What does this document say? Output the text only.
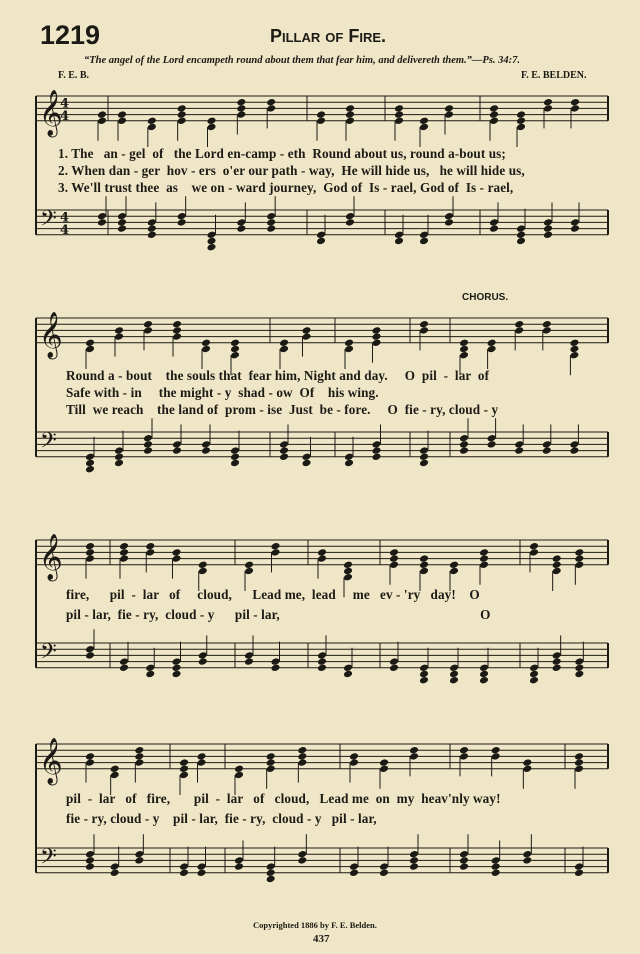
1219	Pillar of Fire.
“The angel of the Lord encampeth round about them that fear him, and delivereth them.”—Ps. 34:7.
F. E. B.	F. E. BELDEN.
CHORUS.
𝄞
𝄢
4
4
4
4
𝄞
𝄢
𝄞
𝄢
𝄞
𝄢
1. The   an - gel  of   the Lord en-camp - eth  Round about us, round a-bout us;
2. When dan - ger  hov - ers  o'er our path - way,  He will hide us,   he will hide us,
3. We'll trust thee  as    we on - ward journey,  God of  Is - rael, God of  Is - rael,
Round a - bout    the souls that  fear him, Night and day.     O  pil  -  lar  of
Safe with - in     the might - y  shad - ow  Of    his wing.
Till  we reach    the land of  prom - ise  Just  be - fore.     O  fie - ry, cloud - y
fire,      pil  -  lar   of     cloud,      Lead me,  lead     me   ev - 'ry   day!    O
pil - lar,  fie - ry,  cloud - y      pil - lar,                                                           O
pil  -  lar   of   fire,       pil  -  lar   of   cloud,   Lead me  on  my  heav'nly way!
fie - ry, cloud - y    pil - lar,  fie - ry,  cloud - y   pil - lar,
Copyrighted 1886 by F. E. Belden.
437
